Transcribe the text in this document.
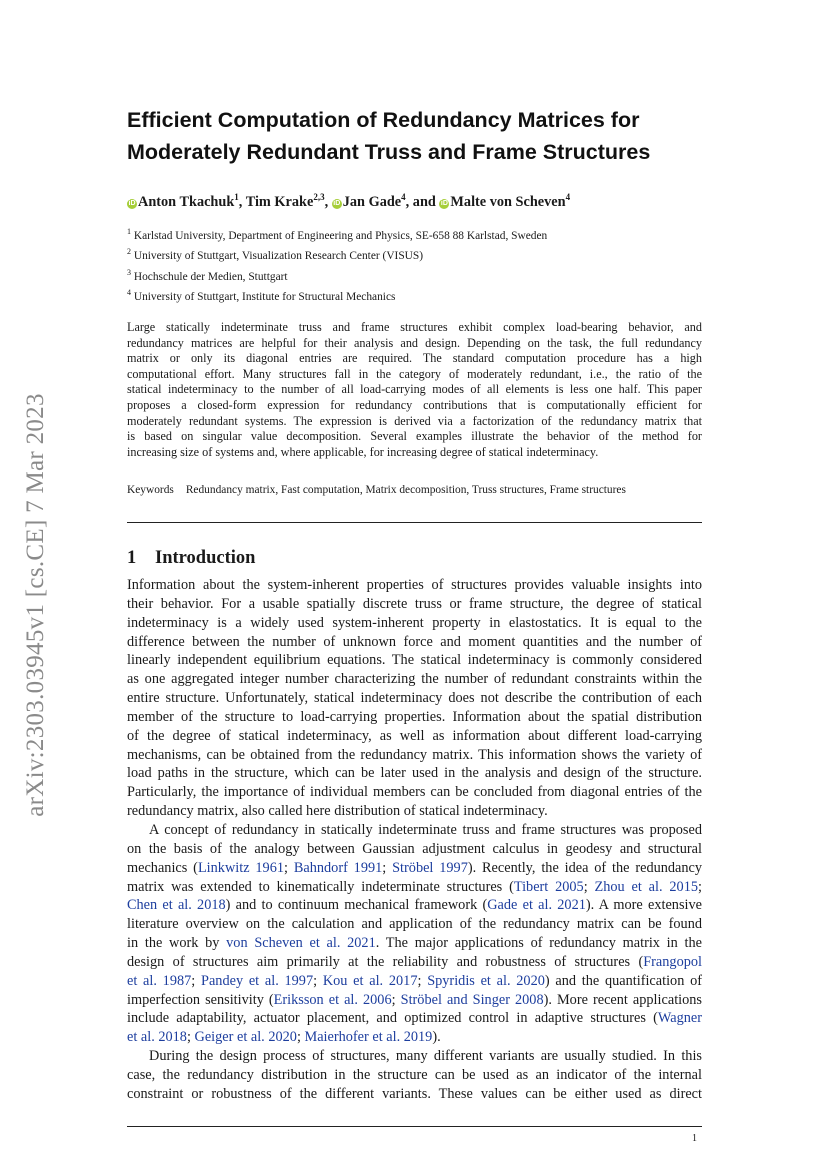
arXiv:2303.03945v1 [cs.CE] 7 Mar 2023
Efficient Computation of Redundancy Matrices for
Moderately Redundant Truss and Frame Structures
iD Anton Tkachuk$^1$, Tim Krake$^{2,3}$, iD Jan Gade$^4$, and iD Malte von Scheven$^4$
$^1$ Karlstad University, Department of Engineering and Physics, SE-658 88 Karlstad, Sweden
$^2$ University of Stuttgart, Visualization Research Center (VISUS)
$^3$ Hochschule der Medien, Stuttgart
$^4$ University of Stuttgart, Institute for Structural Mechanics
Large statically indeterminate truss and frame structures exhibit complex load-bearing behavior, and
redundancy matrices are helpful for their analysis and design. Depending on the task, the full redundancy
matrix or only its diagonal entries are required. The standard computation procedure has a high
computational effort. Many structures fall in the category of moderately redundant, i.e., the ratio of the
statical indeterminacy to the number of all load-carrying modes of all elements is less one half. This paper
proposes a closed-form expression for redundancy contributions that is computationally efficient for
moderately redundant systems. The expression is derived via a factorization of the redundancy matrix that
is based on singular value decomposition. Several examples illustrate the behavior of the method for
increasing size of systems and, where applicable, for increasing degree of statical indeterminacy.
Keywords Redundancy matrix, Fast computation, Matrix decomposition, Truss structures, Frame structures
1 Introduction
Information about the system-inherent properties of structures provides valuable insights into
their behavior. For a usable spatially discrete truss or frame structure, the degree of statical
indeterminacy is a widely used system-inherent property in elastostatics. It is equal to the
difference between the number of unknown force and moment quantities and the number of
linearly independent equilibrium equations. The statical indeterminacy is commonly considered
as one aggregated integer number characterizing the number of redundant constraints within the
entire structure. Unfortunately, statical indeterminacy does not describe the contribution of each
member of the structure to load-carrying properties. Information about the spatial distribution
of the degree of statical indeterminacy, as well as information about different load-carrying
mechanisms, can be obtained from the redundancy matrix. This information shows the variety of
load paths in the structure, which can be later used in the analysis and design of the structure.
Particularly, the importance of individual members can be concluded from diagonal entries of the
redundancy matrix, also called here distribution of statical indeterminacy.
A concept of redundancy in statically indeterminate truss and frame structures was proposed
on the basis of the analogy between Gaussian adjustment calculus in geodesy and structural
mechanics (Linkwitz 1961; Bahndorf 1991; Ströbel 1997). Recently, the idea of the redundancy
matrix was extended to kinematically indeterminate structures (Tibert 2005; Zhou et al. 2015;
Chen et al. 2018) and to continuum mechanical framework (Gade et al. 2021). A more extensive
literature overview on the calculation and application of the redundancy matrix can be found
in the work by von Scheven et al. 2021. The major applications of redundancy matrix in the
design of structures aim primarily at the reliability and robustness of structures (Frangopol
et al. 1987; Pandey et al. 1997; Kou et al. 2017; Spyridis et al. 2020) and the quantification of
imperfection sensitivity (Eriksson et al. 2006; Ströbel and Singer 2008). More recent applications
include adaptability, actuator placement, and optimized control in adaptive structures (Wagner
et al. 2018; Geiger et al. 2020; Maierhofer et al. 2019).
During the design process of structures, many different variants are usually studied. In this
case, the redundancy distribution in the structure can be used as an indicator of the internal
constraint or robustness of the different variants. These values can be either used as direct
1
